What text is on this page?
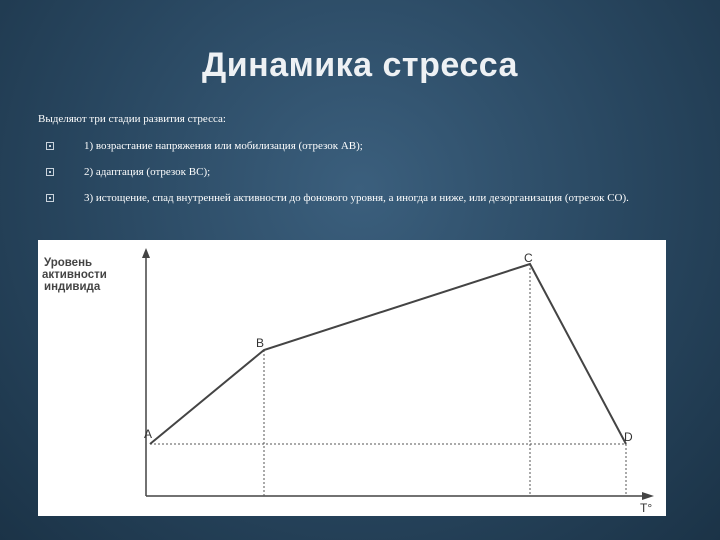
Динамика стресса
Выделяют три стадии развития стресса:
1) возрастание напряжения или мобилизация (отрезок АВ);
2) адаптация (отрезок ВС);
3) истощение, спад внутренней активности до фонового уровня, а иногда и ниже, или дезорганизация (отрезок СО).
Уровень
активности
индивида
T°
A
B
C
D
